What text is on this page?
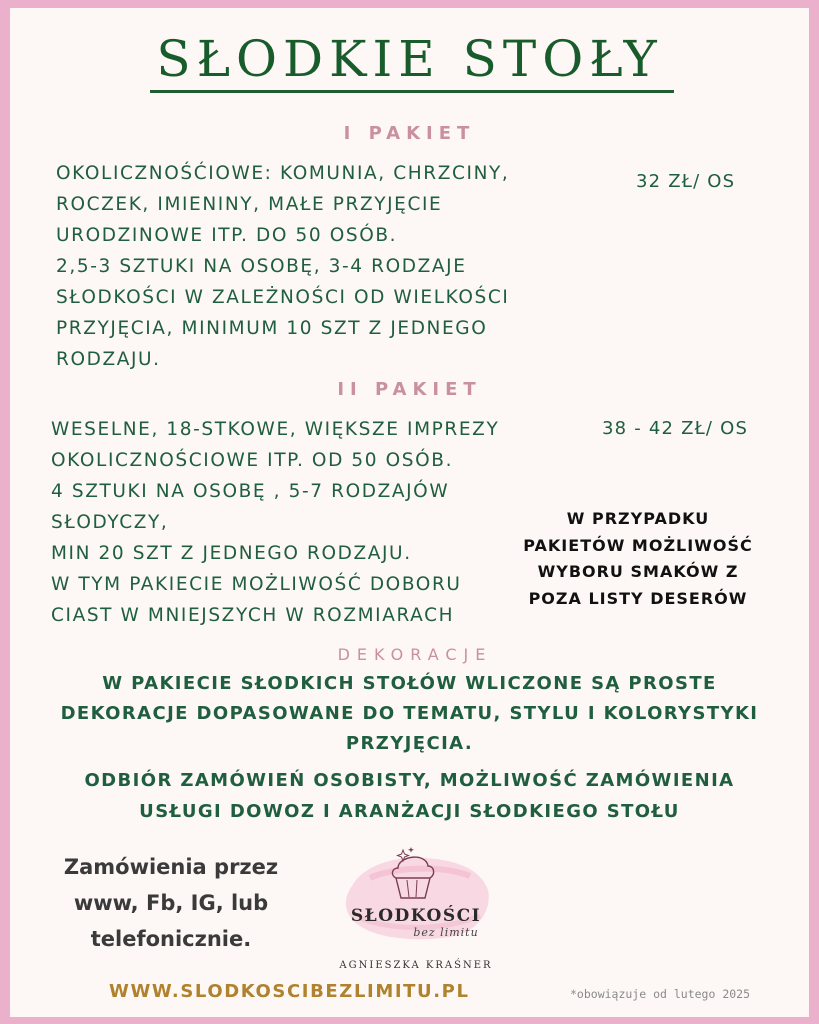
SŁODKIE STOŁY
I PAKIET
OKOLICZNOŚĆIOWE: KOMUNIA, CHRZCINY,
ROCZEK, IMIENINY, MAŁE PRZYJĘCIE
URODZINOWE ITP. DO 50 OSÓB.
2,5-3 SZTUKI NA OSOBĘ, 3-4 RODZAJE
SŁODKOŚCI W ZALEŻNOŚCI OD WIELKOŚCI
PRZYJĘCIA, MINIMUM 10 SZT Z JEDNEGO
RODZAJU.
32 ZŁ/ OS
II PAKIET
WESELNE, 18-STKOWE, WIĘKSZE IMPREZY
OKOLICZNOŚCIOWE ITP. OD 50 OSÓB.
4 SZTUKI NA OSOBĘ , 5-7 RODZAJÓW
SŁODYCZY,
MIN 20 SZT Z JEDNEGO RODZAJU.
W TYM PAKIECIE MOŻLIWOŚĆ DOBORU
CIAST W MNIEJSZYCH W ROZMIARACH
38 - 42 ZŁ/ OS
W PRZYPADKU
PAKIETÓW MOŻLIWOŚĆ
WYBORU SMAKÓW Z
POZA LISTY DESERÓW
DEKORACJE
W PAKIECIE SŁODKICH STOŁÓW WLICZONE SĄ PROSTE
DEKORACJE DOPASOWANE DO TEMATU, STYLU I KOLORYSTYKI
PRZYJĘCIA.
ODBIÓR ZAMÓWIEŃ OSOBISTY, MOŻLIWOŚĆ ZAMÓWIENIA
USŁUGI DOWOZ I ARANŻACJI SŁODKIEGO STOŁU
Zamówienia przez
www, Fb, IG, lub
telefonicznie.
SŁODKOŚCI
bez limitu
AGNIESZKA KRAŚNER
WWW.SLODKOSCIBEZLIMITU.PL	*obowiązuje od lutego 2025
